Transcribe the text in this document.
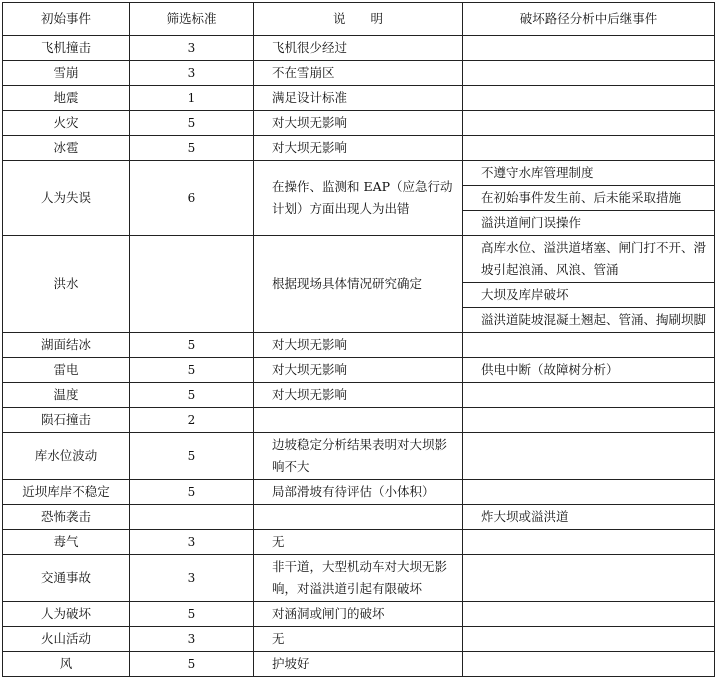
初始事件	筛选标准	说　　明	破坏路径分析中后继事件
飞机撞击	3	飞机很少经过	
雪崩	3	不在雪崩区	
地震	1	满足设计标准	
火灾	5	对大坝无影响	
冰雹	5	对大坝无影响	
人为失误	6	在操作、监测和 EAP（应急行动计划）方面出现人为出错	不遵守水库管理制度
			在初始事件发生前、后未能采取措施
			溢洪道闸门误操作
洪水		根据现场具体情况研究确定	高库水位、溢洪道堵塞、闸门打不开、滑坡引起浪涌、风浪、管涌
			大坝及库岸破坏
			溢洪道陡坡混凝土翘起、管涌、掏刷坝脚
湖面结冰	5	对大坝无影响	
雷电	5	对大坝无影响	供电中断（故障树分析）
温度	5	对大坝无影响	
陨石撞击	2		
库水位波动	5	边坡稳定分析结果表明对大坝影响不大	
近坝库岸不稳定	5	局部滑坡有待评估（小体积）	
恐怖袭击			炸大坝或溢洪道
毒气	3	无	
交通事故	3	非干道，大型机动车对大坝无影响，对溢洪道引起有限破坏	
人为破坏	5	对涵洞或闸门的破坏	
火山活动	3	无	
风	5	护坡好	
